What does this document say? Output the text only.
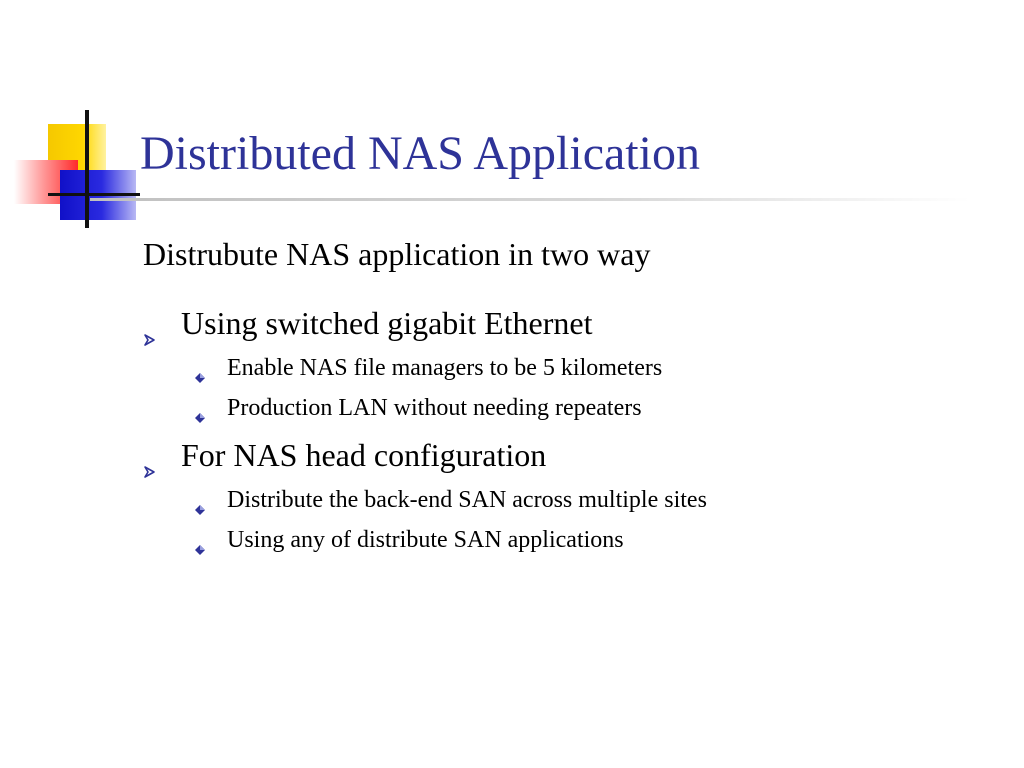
Distributed NAS Application
Distrubute NAS application in two way
Using switched gigabit Ethernet
Enable NAS file managers to be 5 kilometers
Production LAN without needing repeaters
For NAS head configuration
Distribute the back-end SAN across multiple sites
Using any of distribute SAN applications
